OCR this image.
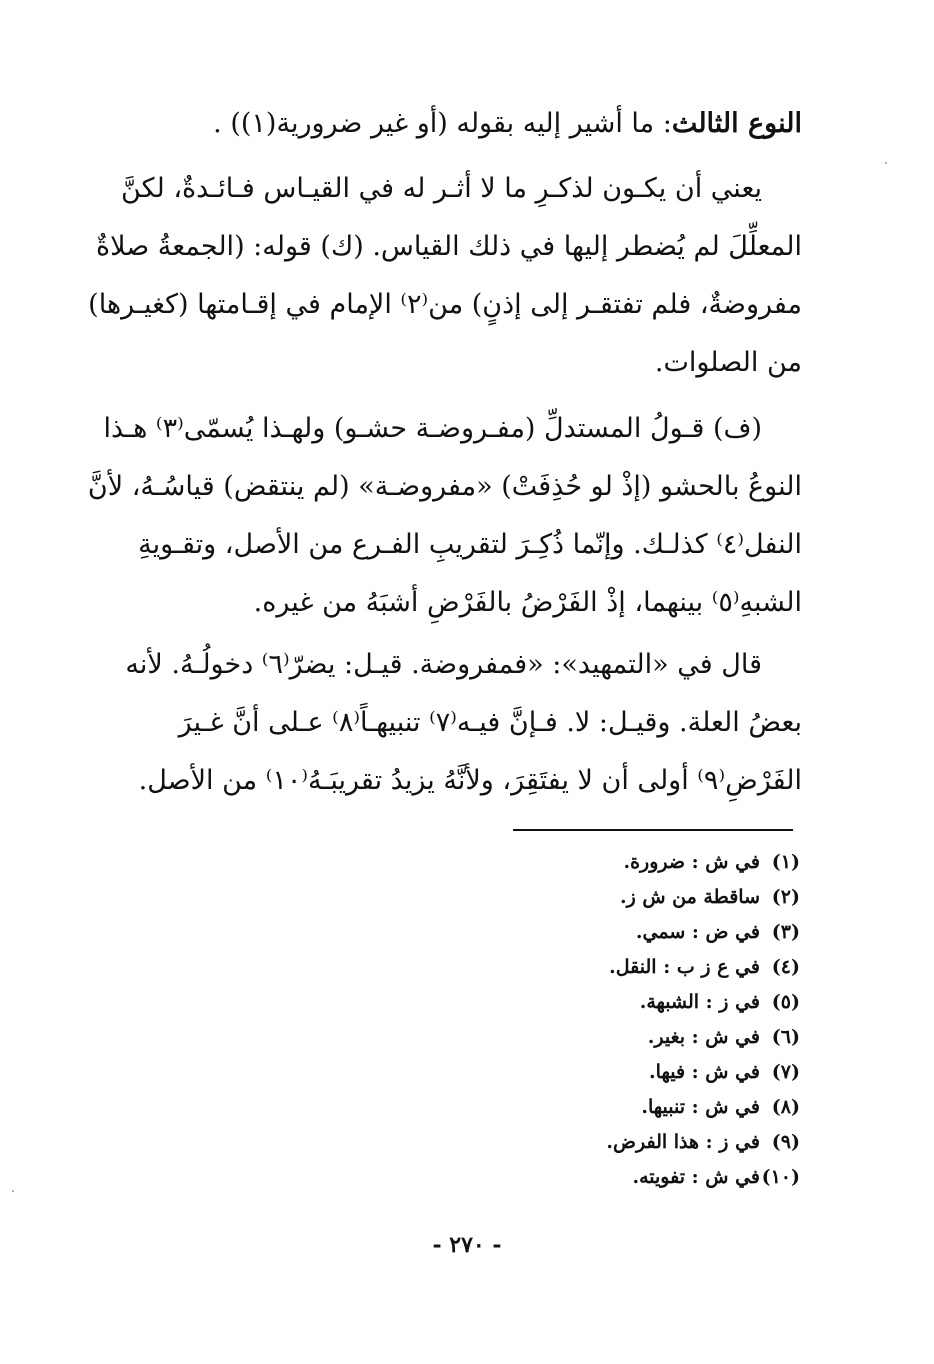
النوع الثالث: ما أشير إليه بقوله (أو غير ضرورية(١)) .
يعني أن يكـون لذكـرِ ما لا أثـر له في القيـاس فـائـدةٌ، لكنَّ
المعلِّلَ لم يُضطر إليها في ذلك القياس. (ك) قوله: (الجمعةُ صلاةٌ
مفروضةٌ، فلم تفتقـر إلى إذنٍ) من⁽٢⁾ الإمام في إقـامتها (كغيـرها)
من الصلوات.
(ف) قـولُ المستدلِّ (مفـروضـة حشـو) ولهـذا يُسمّى⁽٣⁾ هـذا
النوعُ بالحشو (إذْ لو حُذِفَتْ) «مفروضـة» (لم ينتقض) قياسُـهُ، لأنَّ
النفل⁽٤⁾ كذلـك. وإنّما ذُكِـرَ لتقريبِ الفـرع من الأصل، وتقـويةِ
الشبهِ⁽٥⁾ بينهما، إذْ الفَرْضُ بالفَرْضِ أشبَهُ من غيره.
قال في «التمهيد»: «فمفروضة. قيـل: يضرّ⁽٦⁾ دخولُـهُ. لأنه
بعضُ العلة. وقيـل: لا. فـإنَّ فيـه⁽٧⁾ تنبيهـاً⁽٨⁾ عـلى أنَّ غـيرَ
الفَرْضِ⁽٩⁾ أولى أن لا يفتَقِرَ، ولأنَّهُ يزيدُ تقريبَـهُ⁽١٠⁾ من الأصل.
(١)في ش : ضرورة.
(٢)ساقطة من ش ز.
(٣)في ض : سمي.
(٤)في ع ز ب : النقل.
(٥)في ز : الشبهة.
(٦)في ش : بغير.
(٧)في ش : فيها.
(٨)في ش : تنبيها.
(٩)في ز : هذا الفرض.
(١٠)في ش : تفويته.
- ٢٧٠ -
